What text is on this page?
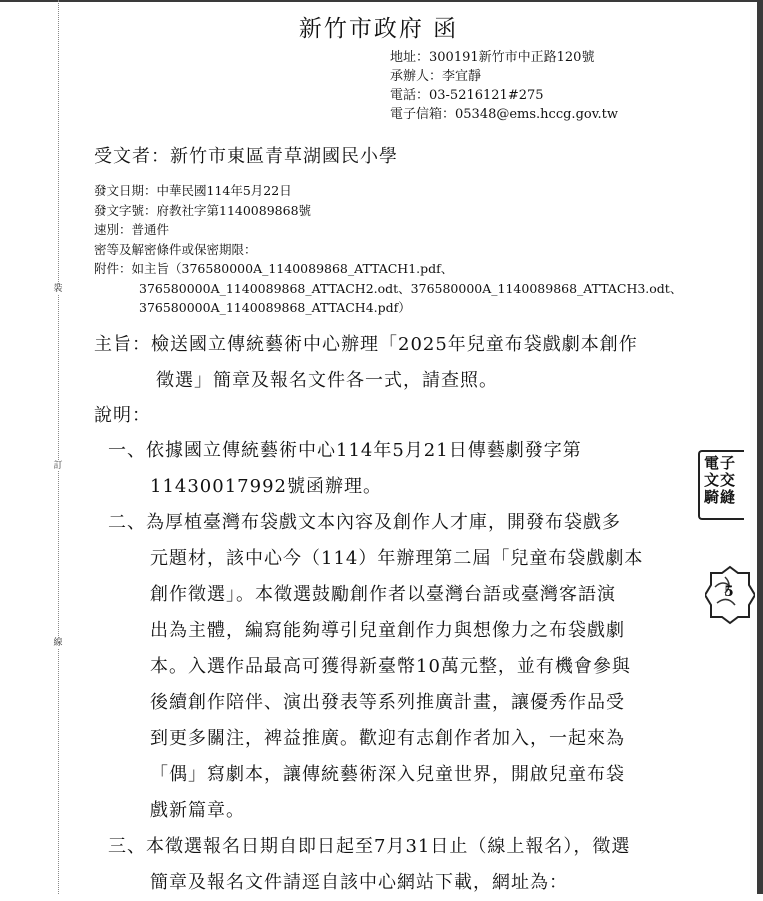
裝
訂
線
新竹市政府 函
地址：300191新竹市中正路120號
承辦人：李宜靜
電話：03-5216121#275
電子信箱：05348@ems.hccg.gov.tw
受文者：新竹市東區青草湖國民小學
發文日期：中華民國114年5月22日
發文字號：府教社字第1140089868號
速別：普通件
密等及解密條件或保密期限：
附件：如主旨（376580000A_1140089868_ATTACH1.pdf、
376580000A_1140089868_ATTACH2.odt、376580000A_1140089868_ATTACH3.odt、
376580000A_1140089868_ATTACH4.pdf）
主旨：檢送國立傳統藝術中心辦理「2025年兒童布袋戲劇本創作
徵選」簡章及報名文件各一式，請查照。
說明：
一、依據國立傳統藝術中心114年5月21日傳藝劇發字第
11430017992號函辦理。
二、為厚植臺灣布袋戲文本內容及創作人才庫，開發布袋戲多
元題材，該中心今（114）年辦理第二屆「兒童布袋戲劇本
創作徵選」。本徵選鼓勵創作者以臺灣台語或臺灣客語演
出為主體，編寫能夠導引兒童創作力與想像力之布袋戲劇
本。入選作品最高可獲得新臺幣10萬元整，並有機會參與
後續創作陪伴、演出發表等系列推廣計畫，讓優秀作品受
到更多關注，裨益推廣。歡迎有志創作者加入，一起來為
「偶」寫劇本，讓傳統藝術深入兒童世界，開啟兒童布袋
戲新篇章。
三、本徵選報名日期自即日起至7月31日止（線上報名），徵選
簡章及報名文件請逕自該中心網站下載，網址為：
電子
文交
騎縫
5
